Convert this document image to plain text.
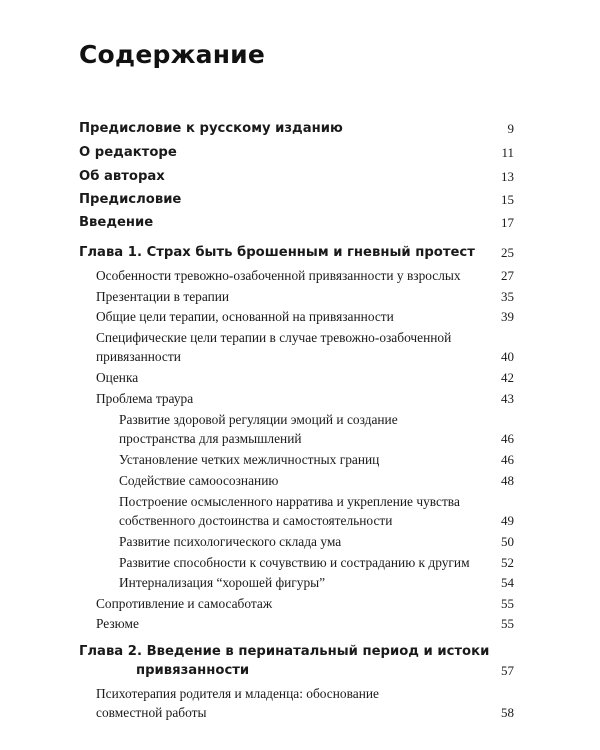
Содержание
Предисловие к русскому изданию	9
О редакторе	11
Об авторах	13
Предисловие	15
Введение	17
Глава 1. Страх быть брошенным и гневный протест	25
Особенности тревожно-озабоченной привязанности у взрослых	27
Презентации в терапии	35
Общие цели терапии, основанной на привязанности	39
Специфические цели терапии в случае тревожно-озабоченной
привязанности	40
Оценка	42
Проблема траура	43
Развитие здоровой регуляции эмоций и создание
пространства для размышлений	46
Установление четких межличностных границ	46
Содействие самоосознанию	48
Построение осмысленного нарратива и укрепление чувства
собственного достоинства и самостоятельности	49
Развитие психологического склада ума	50
Развитие способности к сочувствию и состраданию к другим	52
Интернализация “хорошей фигуры”	54
Сопротивление и самосаботаж	55
Резюме	55
Глава 2. Введение в перинатальный период и истоки
привязанности	57
Психотерапия родителя и младенца: обоснование
совместной работы	58
